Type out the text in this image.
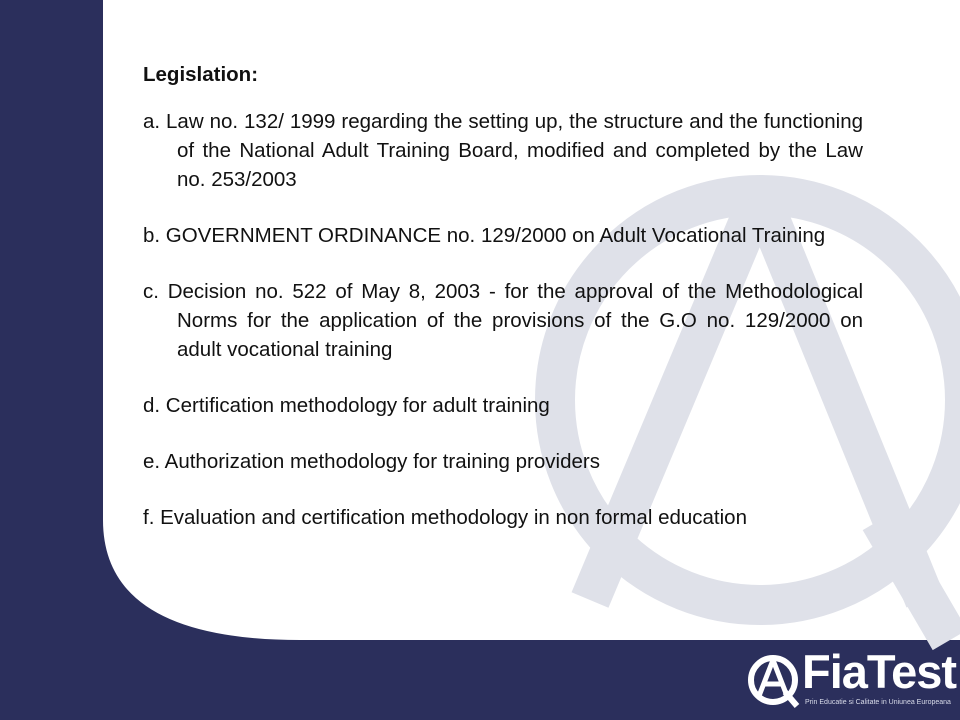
Legislation:
a. Law no. 132/ 1999 regarding the setting up, the structure and the functioning of the National Adult Training Board, modified and completed by the Law no. 253/2003
b. GOVERNMENT ORDINANCE no. 129/2000 on Adult Vocational Training
c. Decision no. 522 of May 8, 2003 - for the approval of the Methodological Norms for the application of the provisions of the G.O no. 129/2000 on adult vocational training
d. Certification methodology for adult training
e. Authorization methodology for training providers
f. Evaluation and certification methodology in non formal education
FiaTest
Prin Educatie si Calitate in Uniunea Europeana
